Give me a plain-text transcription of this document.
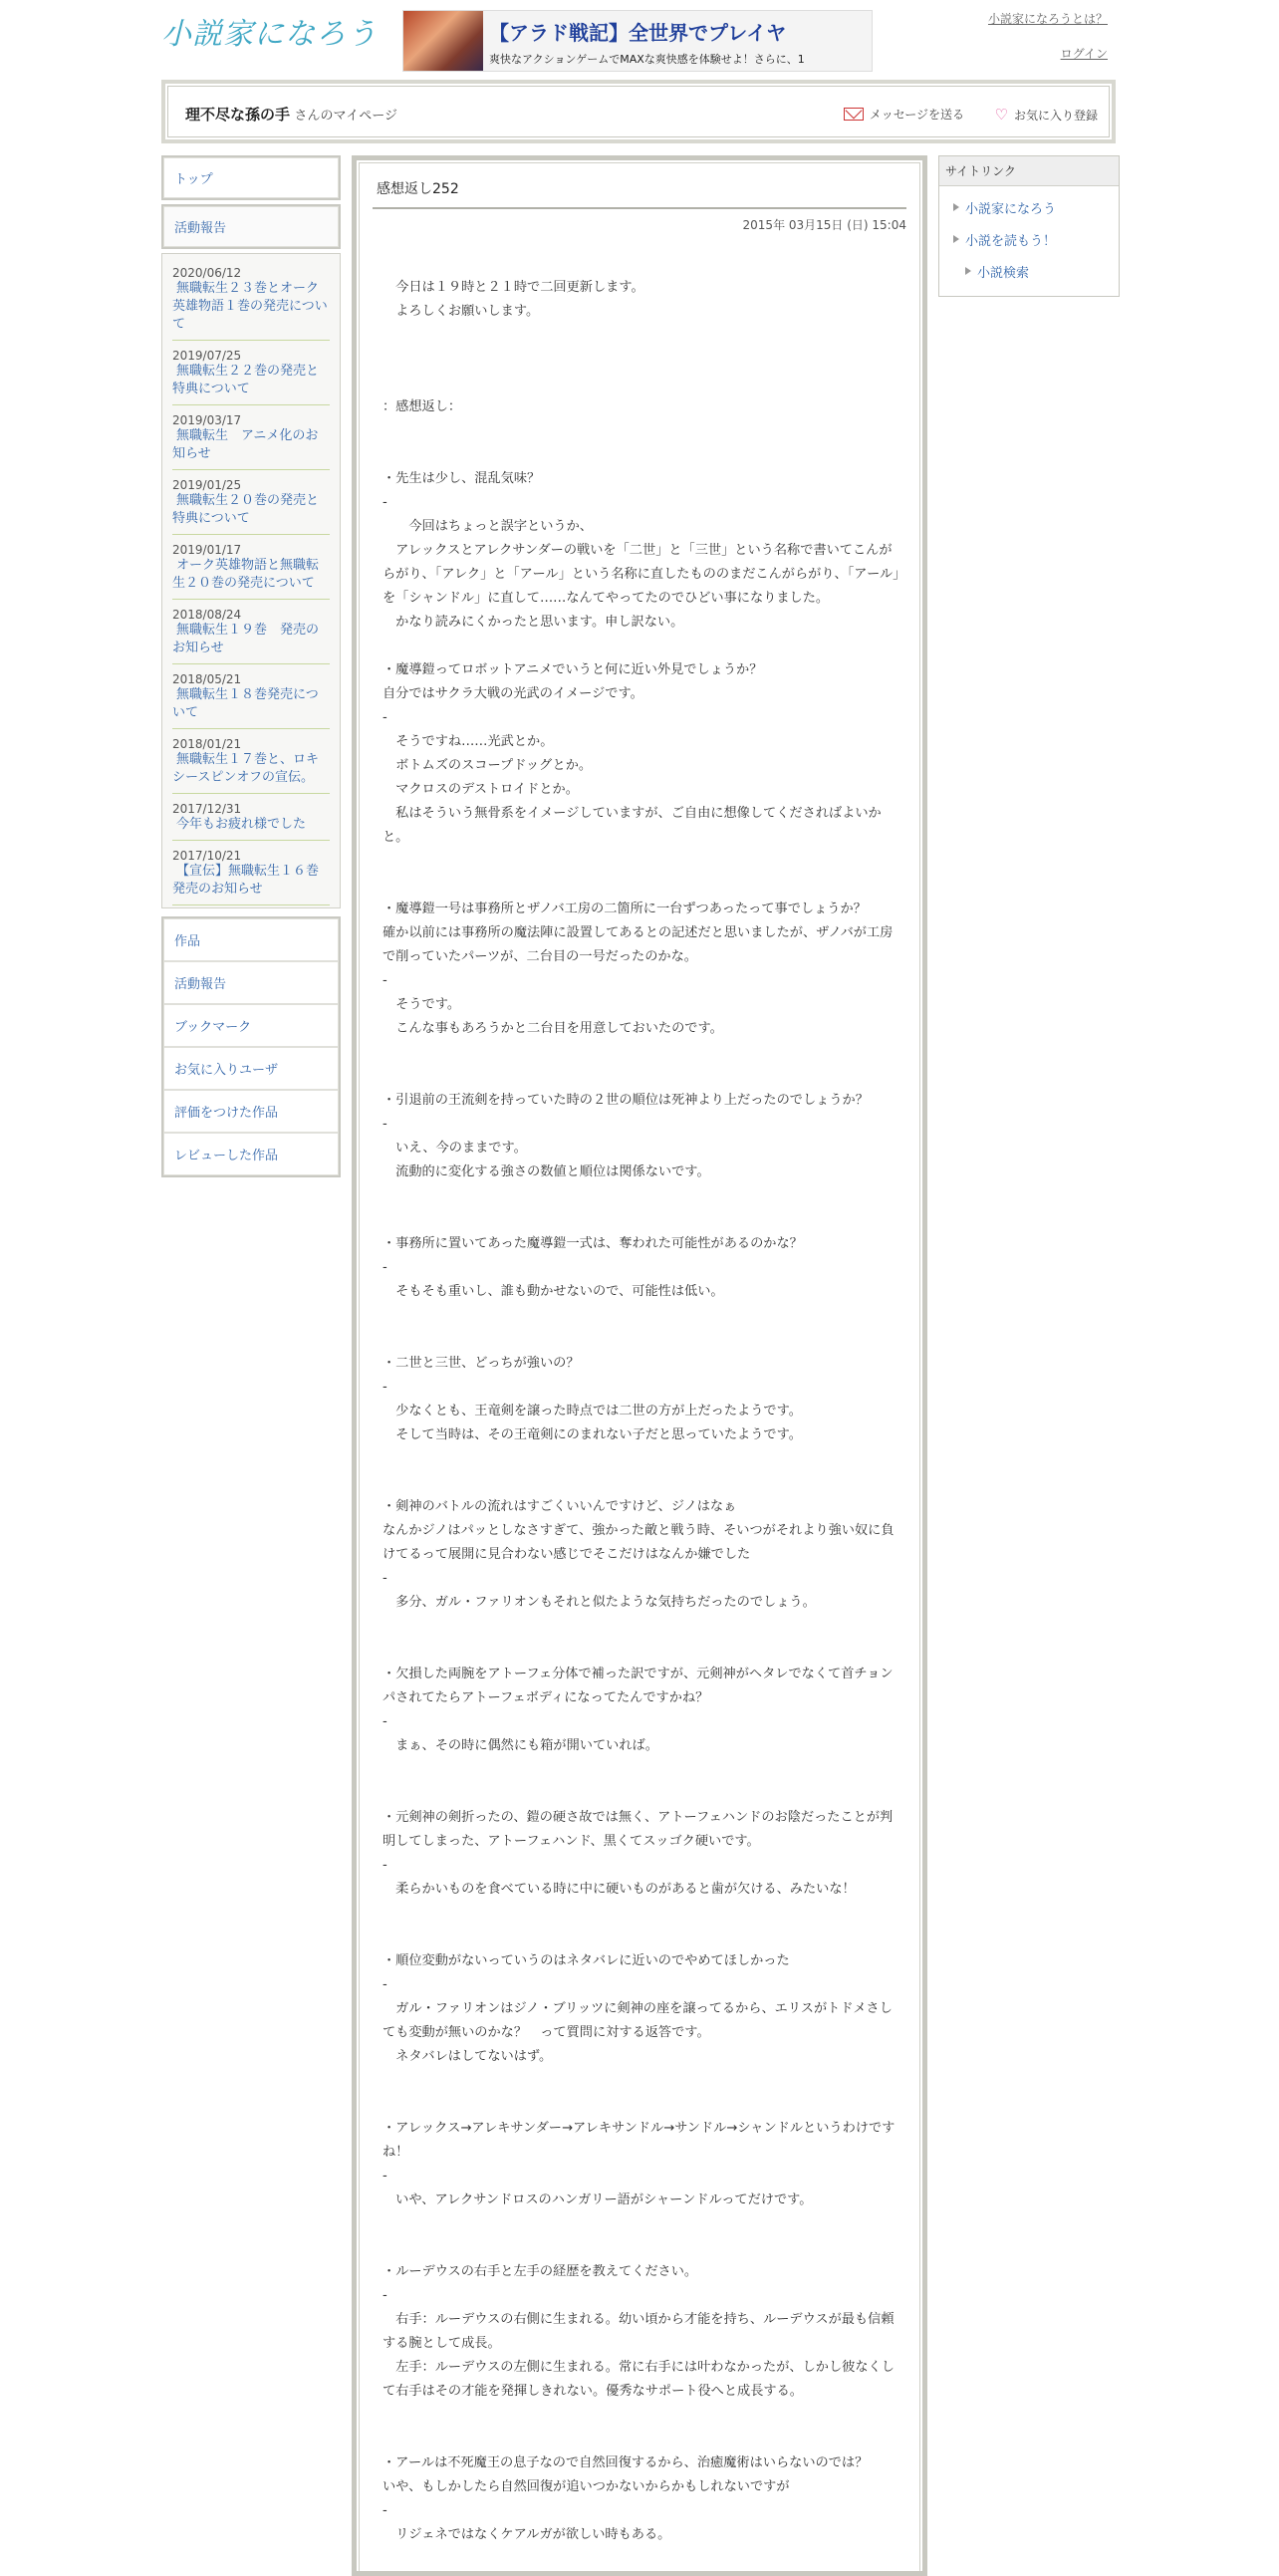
小説家になろう	【アラド戦記】全世界でプレイヤ
爽快なアクションゲームでMAXな爽快感を体験せよ！さらに、1
小説家になろうとは？
ログイン
理不尽な孫の手 さんのマイページ	メッセージを送る ♡ お気に入り登録
トップ
活動報告
2020/06/12
無職転生２３巻とオーク英雄物語１巻の発売について
2019/07/25
無職転生２２巻の発売と特典について
2019/03/17
無職転生　アニメ化のお知らせ
2019/01/25
無職転生２０巻の発売と特典について
2019/01/17
オーク英雄物語と無職転生２０巻の発売について
2018/08/24
無職転生１９巻　発売のお知らせ
2018/05/21
無職転生１８巻発売について
2018/01/21
無職転生１７巻と、ロキシースピンオフの宣伝。
2017/12/31
今年もお疲れ様でした
2017/10/21
【宣伝】無職転生１６巻発売のお知らせ
作品
活動報告
ブックマーク
お気に入りユーザ
評価をつけた作品
レビューした作品
感想返し252
2015年 03月15日 (日) 15:04
　今日は１９時と２１時で二回更新します。
　よろしくお願いします。

：感想返し：

・先生は少し、混乱気味？
-
　　今回はちょっと誤字というか、
　アレックスとアレクサンダーの戦いを「二世」と「三世」という名称で書いてこんがらがり、「アレク」と「アール」という名称に直したもののまだこんがらがり、「アール」を「シャンドル」に直して……なんてやってたのでひどい事になりました。
　かなり読みにくかったと思います。申し訳ない。

・魔導鎧ってロボットアニメでいうと何に近い外見でしょうか？
自分ではサクラ大戦の光武のイメージです。
-
　そうですね……光武とか。
　ボトムズのスコープドッグとか。
　マクロスのデストロイドとか。
　私はそういう無骨系をイメージしていますが、ご自由に想像してくださればよいかと。

・魔導鎧一号は事務所とザノバ工房の二箇所に一台ずつあったって事でしょうか？
確か以前には事務所の魔法陣に設置してあるとの記述だと思いましたが、ザノバが工房で削っていたパーツが、二台目の一号だったのかな。
-
　そうです。
　こんな事もあろうかと二台目を用意しておいたのです。

・引退前の王流剣を持っていた時の２世の順位は死神より上だったのでしょうか？
-
　いえ、今のままです。
　流動的に変化する強さの数値と順位は関係ないです。

・事務所に置いてあった魔導鎧一式は、奪われた可能性があるのかな？
-
　そもそも重いし、誰も動かせないので、可能性は低い。

・二世と三世、どっちが強いの？
-
　少なくとも、王竜剣を譲った時点では二世の方が上だったようです。
　そして当時は、その王竜剣にのまれない子だと思っていたようです。

・剣神のバトルの流れはすごくいいんですけど、ジノはなぁ
なんかジノはパッとしなさすぎて、強かった敵と戦う時、そいつがそれより強い奴に負けてるって展開に見合わない感じでそこだけはなんか嫌でした
-
　多分、ガル・ファリオンもそれと似たような気持ちだったのでしょう。

・欠損した両腕をアトーフェ分体で補った訳ですが、元剣神がヘタレでなくて首チョンパされてたらアトーフェボディになってたんですかね？
-
　まぁ、その時に偶然にも箱が開いていれば。

・元剣神の剣折ったの、鎧の硬さ故では無く、アトーフェハンドのお陰だったことが判明してしまった、アトーフェハンド、黒くてスッゴク硬いです。
-
　柔らかいものを食べている時に中に硬いものがあると歯が欠ける、みたいな！

・順位変動がないっていうのはネタバレに近いのでやめてほしかった
-
　ガル・ファリオンはジノ・ブリッツに剣神の座を譲ってるから、エリスがトドメさしても変動が無いのかな？　って質問に対する返答です。
　ネタバレはしてないはず。

・アレックス→アレキサンダー→アレキサンドル→サンドル→シャンドルというわけですね！
-
　いや、アレクサンドロスのハンガリー語がシャーンドルってだけです。

・ルーデウスの右手と左手の経歴を教えてください。
-
　右手：ルーデウスの右側に生まれる。幼い頃から才能を持ち、ルーデウスが最も信頼する腕として成長。
　左手：ルーデウスの左側に生まれる。常に右手には叶わなかったが、しかし彼なくして右手はその才能を発揮しきれない。優秀なサポート役へと成長する。

・アールは不死魔王の息子なので自然回復するから、治癒魔術はいらないのでは？
いや、もしかしたら自然回復が追いつかないからかもしれないですが
-
　リジェネではなくケアルガが欲しい時もある。
サイトリンク
小説家になろう
小説を読もう！
小説検索
